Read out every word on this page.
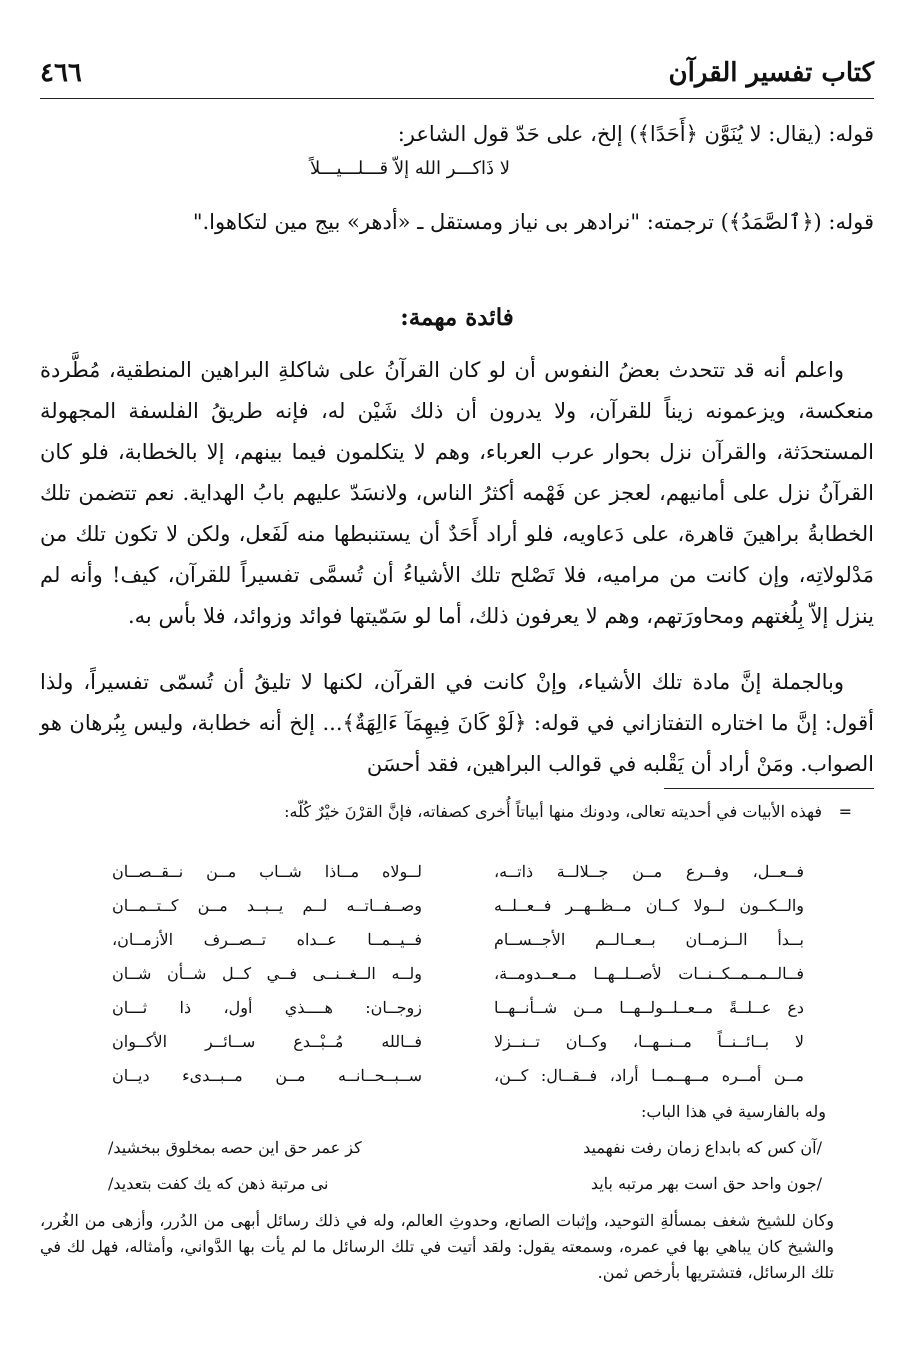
كتاب تفسير القرآن
٤٦٦
قوله: (يقال: لا يُنَوَّن ﴿أَحَدًا﴾) إلخ، على حَدّ قول الشاعر:
لا ذَاكـــر الله إلاّ قـــلـــيـــلاً
قوله: (﴿ٱلصَّمَدُ﴾) ترجمته: "نرادهر بى نياز ومستقل ـ «أدهر» بيج مين لتكاهوا."
فائدة مهمة:
واعلم أنه قد تتحدث بعضُ النفوس أن لو كان القرآنُ على شاكلةِ البراهين المنطقية، مُطَّردة منعكسة، ويزعمونه زيناً للقرآن، ولا يدرون أن ذلك شَيْن له، فإنه طريقُ الفلسفة المجهولة المستحدَثة، والقرآن نزل بحوار عرب العرباء، وهم لا يتكلمون فيما بينهم، إلا بالخطابة، فلو كان القرآنُ نزل على أمانيهم، لعجز عن فَهْمه أكثرُ الناس، ولانسَدّ عليهم بابُ الهداية. نعم تتضمن تلك الخطابةُ براهينَ قاهرة، على دَعاويه، فلو أراد أَحَدٌ أن يستنبطها منه لَفَعل، ولكن لا تكون تلك من مَدْلولاتِه، وإن كانت من مراميه، فلا تَصْلح تلك الأشياءُ أن تُسمَّى تفسيراً للقرآن، كيف! وأنه لم ينزل إلاّ بِلُغتهم ومحاورَتهم، وهم لا يعرفون ذلك، أما لو سَمّيتها فوائد وزوائد، فلا بأس به.
وبالجملة إنَّ مادة تلك الأشياء، وإنْ كانت في القرآن، لكنها لا تليقُ أن تُسمّى تفسيراً، ولذا أقول: إنَّ ما اختاره التفتازاني في قوله: ﴿لَوْ كَانَ فِيهِمَآ ءَالِهَةٌ﴾... إلخ أنه خطابة، وليس بِبُرهان هو الصواب. ومَنْ أراد أن يَقْلبه في قوالب البراهين، فقد أحسَن
=
فهذه الأبيات في أحديته تعالى، ودونك منها أبياتاً أُخرى كصفاته، فإنَّ القرْنَ خيْرٌ كُلّه:
فــعــل، وفــرع مــن جــلالــة ذاتــه،
لــولاه مــاذا شــاب مــن نــقــصــان
والــكــون لــولا كــان مــظــهــر فــعــلــه
وصــفــاتــه لــم يــبــد مــن كــتــمــان
بــدأ الــزمــان بــعــالــم الأجــســام
فــيــمــا عــداه تــصــرف الأزمــان،
فــالــمــمــكــنــات لأصــلــهــا مــعــدومــة،
ولــه الــغــنــى فــي كــل شــأن شــان
دع عــلــةً مــعــلــولــهــا مــن شــأنــهــا
زوجــان: هــــذي أول، ذا ثـــان
لا بــائــنــاً مــنــهــا، وكــان تــنــزلا
فــالله مُــبْــدع ســائــر الأكــوان
مــن أمــره مــهــمــا أراد، فــقــال: كــن،
ســبــحــانــه مــن مــبــدىء ديــان
وله بالفارسية في هذا الباب:
/آن كس كه بابداع زمان رفت نفهميد
كز عمر حق اين حصه بمخلوق ببخشيد/
/جون واحد حق است بهر مرتبه بايد
نى مرتبة ذهن كه يك كفت بتعديد/
وكان للشيخ شغف بمسألةِ التوحيد، وإثبات الصانع، وحدوثِ العالم، وله في ذلك رسائل أبهى من الدُرر، وأزهى من الغُرر، والشيخ كان يباهي بها في عمره، وسمعته يقول: ولقد أتيت في تلك الرسائل ما لم يأت بها الدَّواني، وأمثاله، فهل لك في تلك الرسائل، فتشتريها بأرخص ثمن.
